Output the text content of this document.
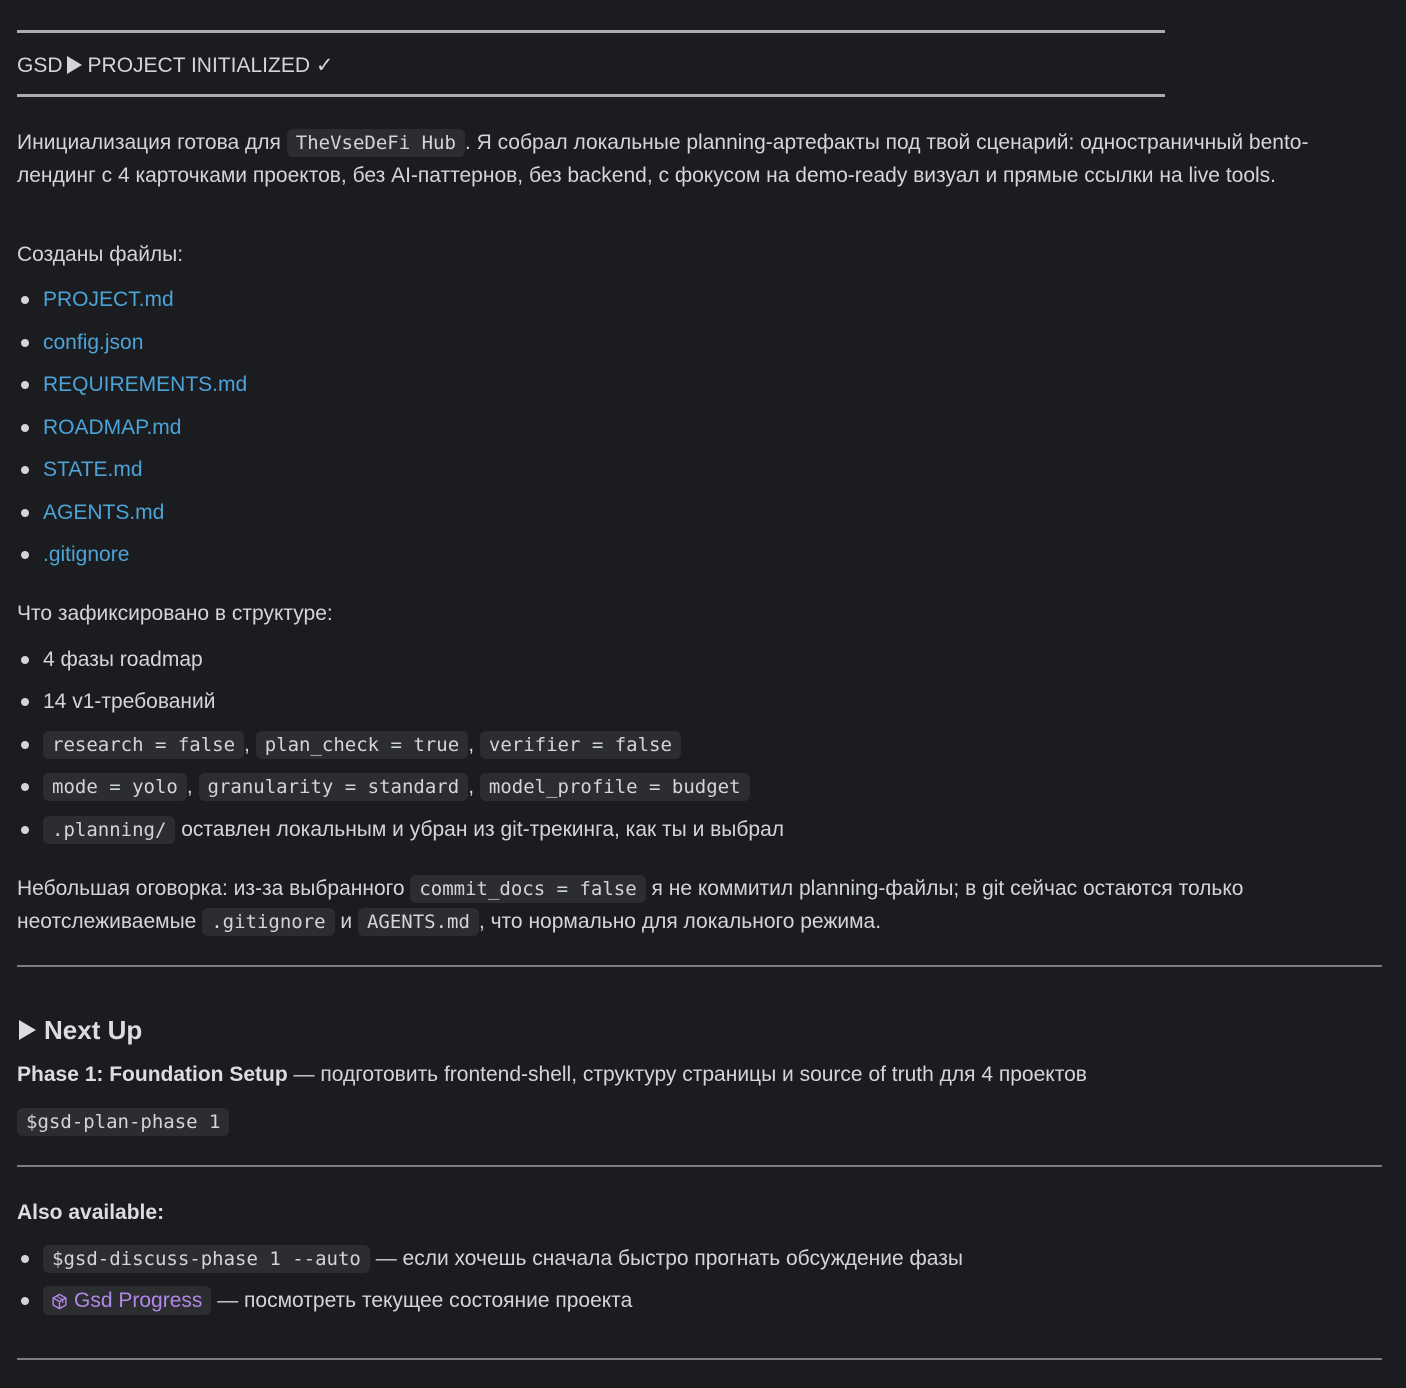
GSD PROJECT INITIALIZED ✓
Инициализация готова для TheVseDeFi Hub . Я собрал локальные planning-артефакты под твой сценарий: одностраничный bento-лендинг с 4 карточками проектов, без AI-паттернов, без backend, с фокусом на demo-ready визуал и прямые ссылки на live tools.
Созданы файлы:
PROJECT.md
config.json
REQUIREMENTS.md
ROADMAP.md
STATE.md
AGENTS.md
.gitignore
Что зафиксировано в структуре:
4 фазы roadmap
14 v1-требований
research = false , plan_check = true , verifier = false
mode = yolo , granularity = standard , model_profile = budget
.planning/ оставлен локальным и убран из git-трекинга, как ты и выбрал
Небольшая оговорка: из-за выбранного commit_docs = false я не коммитил planning-файлы; в git сейчас остаются только неотслеживаемые .gitignore и AGENTS.md , что нормально для локального режима.
Next Up
Phase 1: Foundation Setup — подготовить frontend-shell, структуру страницы и source of truth для 4 проектов
$gsd-plan-phase 1
Also available:
$gsd-discuss-phase 1 --auto — если хочешь сначала быстро прогнать обсуждение фазы
Gsd Progress — посмотреть текущее состояние проекта
